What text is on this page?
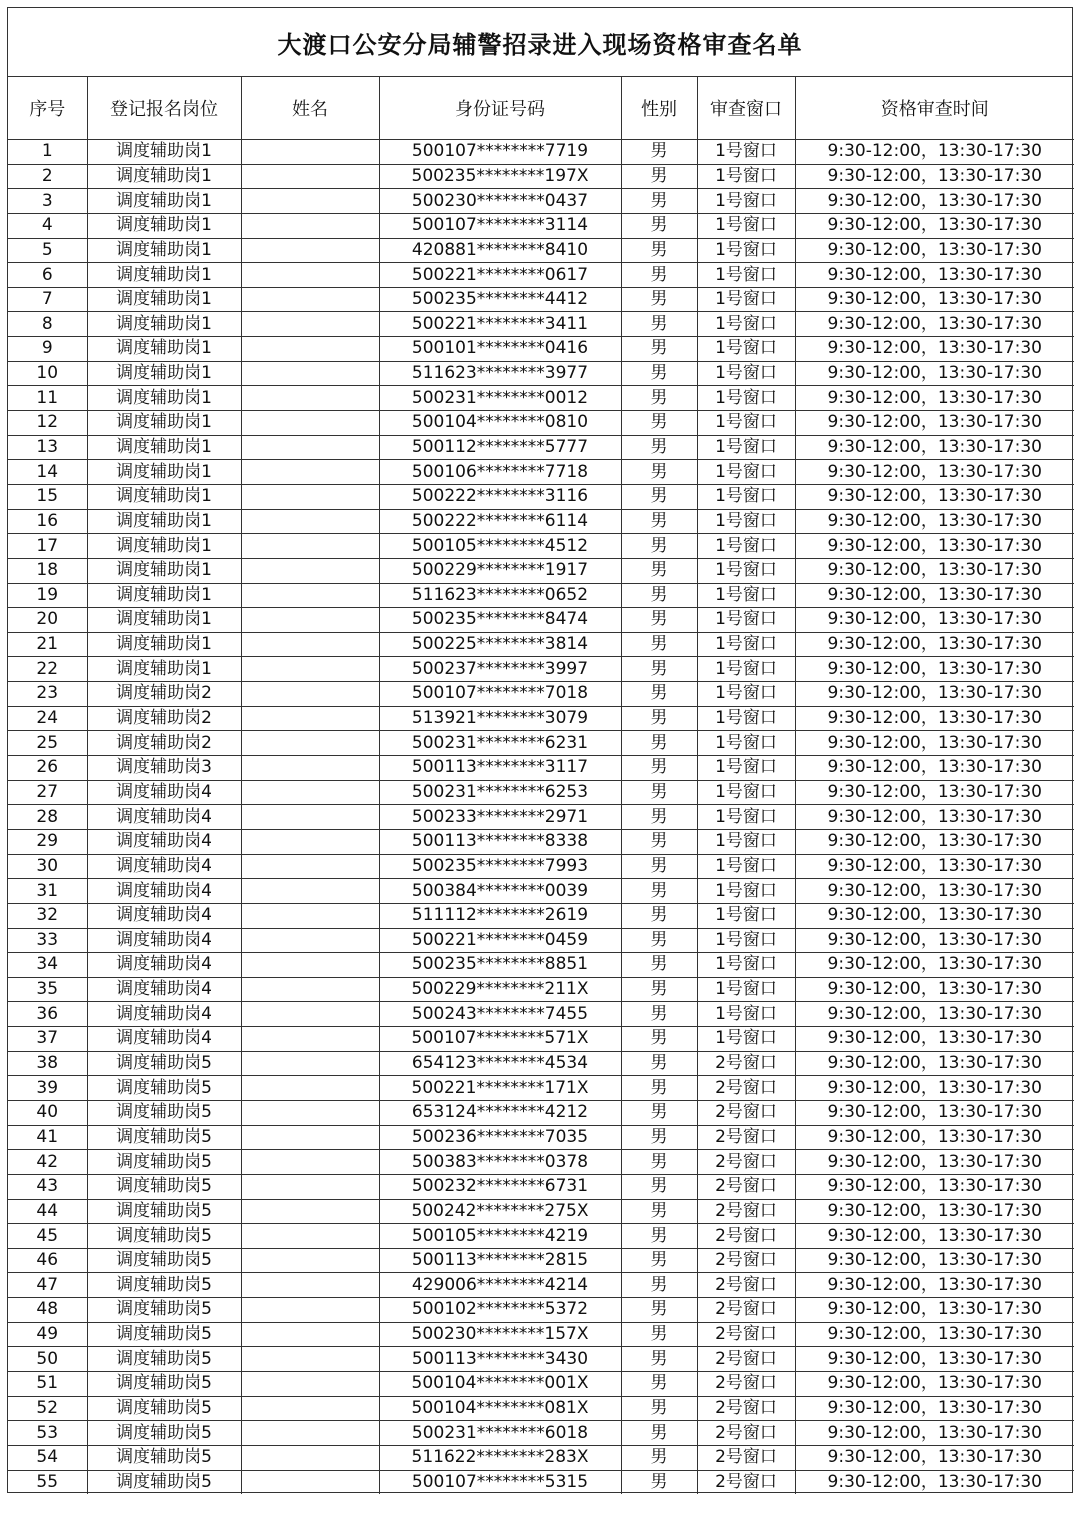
大渡口公安分局辅警招录进入现场资格审查名单
序号	登记报名岗位	姓名	身份证号码	性别	审查窗口	资格审查时间
1	调度辅助岗1		500107********7719	男	1号窗口	9:30-12:00，13:30-17:30
2	调度辅助岗1		500235********197X	男	1号窗口	9:30-12:00，13:30-17:30
3	调度辅助岗1		500230********0437	男	1号窗口	9:30-12:00，13:30-17:30
4	调度辅助岗1		500107********3114	男	1号窗口	9:30-12:00，13:30-17:30
5	调度辅助岗1		420881********8410	男	1号窗口	9:30-12:00，13:30-17:30
6	调度辅助岗1		500221********0617	男	1号窗口	9:30-12:00，13:30-17:30
7	调度辅助岗1		500235********4412	男	1号窗口	9:30-12:00，13:30-17:30
8	调度辅助岗1		500221********3411	男	1号窗口	9:30-12:00，13:30-17:30
9	调度辅助岗1		500101********0416	男	1号窗口	9:30-12:00，13:30-17:30
10	调度辅助岗1		511623********3977	男	1号窗口	9:30-12:00，13:30-17:30
11	调度辅助岗1		500231********0012	男	1号窗口	9:30-12:00，13:30-17:30
12	调度辅助岗1		500104********0810	男	1号窗口	9:30-12:00，13:30-17:30
13	调度辅助岗1		500112********5777	男	1号窗口	9:30-12:00，13:30-17:30
14	调度辅助岗1		500106********7718	男	1号窗口	9:30-12:00，13:30-17:30
15	调度辅助岗1		500222********3116	男	1号窗口	9:30-12:00，13:30-17:30
16	调度辅助岗1		500222********6114	男	1号窗口	9:30-12:00，13:30-17:30
17	调度辅助岗1		500105********4512	男	1号窗口	9:30-12:00，13:30-17:30
18	调度辅助岗1		500229********1917	男	1号窗口	9:30-12:00，13:30-17:30
19	调度辅助岗1		511623********0652	男	1号窗口	9:30-12:00，13:30-17:30
20	调度辅助岗1		500235********8474	男	1号窗口	9:30-12:00，13:30-17:30
21	调度辅助岗1		500225********3814	男	1号窗口	9:30-12:00，13:30-17:30
22	调度辅助岗1		500237********3997	男	1号窗口	9:30-12:00，13:30-17:30
23	调度辅助岗2		500107********7018	男	1号窗口	9:30-12:00，13:30-17:30
24	调度辅助岗2		513921********3079	男	1号窗口	9:30-12:00，13:30-17:30
25	调度辅助岗2		500231********6231	男	1号窗口	9:30-12:00，13:30-17:30
26	调度辅助岗3		500113********3117	男	1号窗口	9:30-12:00，13:30-17:30
27	调度辅助岗4		500231********6253	男	1号窗口	9:30-12:00，13:30-17:30
28	调度辅助岗4		500233********2971	男	1号窗口	9:30-12:00，13:30-17:30
29	调度辅助岗4		500113********8338	男	1号窗口	9:30-12:00，13:30-17:30
30	调度辅助岗4		500235********7993	男	1号窗口	9:30-12:00，13:30-17:30
31	调度辅助岗4		500384********0039	男	1号窗口	9:30-12:00，13:30-17:30
32	调度辅助岗4		511112********2619	男	1号窗口	9:30-12:00，13:30-17:30
33	调度辅助岗4		500221********0459	男	1号窗口	9:30-12:00，13:30-17:30
34	调度辅助岗4		500235********8851	男	1号窗口	9:30-12:00，13:30-17:30
35	调度辅助岗4		500229********211X	男	1号窗口	9:30-12:00，13:30-17:30
36	调度辅助岗4		500243********7455	男	1号窗口	9:30-12:00，13:30-17:30
37	调度辅助岗4		500107********571X	男	1号窗口	9:30-12:00，13:30-17:30
38	调度辅助岗5		654123********4534	男	2号窗口	9:30-12:00，13:30-17:30
39	调度辅助岗5		500221********171X	男	2号窗口	9:30-12:00，13:30-17:30
40	调度辅助岗5		653124********4212	男	2号窗口	9:30-12:00，13:30-17:30
41	调度辅助岗5		500236********7035	男	2号窗口	9:30-12:00，13:30-17:30
42	调度辅助岗5		500383********0378	男	2号窗口	9:30-12:00，13:30-17:30
43	调度辅助岗5		500232********6731	男	2号窗口	9:30-12:00，13:30-17:30
44	调度辅助岗5		500242********275X	男	2号窗口	9:30-12:00，13:30-17:30
45	调度辅助岗5		500105********4219	男	2号窗口	9:30-12:00，13:30-17:30
46	调度辅助岗5		500113********2815	男	2号窗口	9:30-12:00，13:30-17:30
47	调度辅助岗5		429006********4214	男	2号窗口	9:30-12:00，13:30-17:30
48	调度辅助岗5		500102********5372	男	2号窗口	9:30-12:00，13:30-17:30
49	调度辅助岗5		500230********157X	男	2号窗口	9:30-12:00，13:30-17:30
50	调度辅助岗5		500113********3430	男	2号窗口	9:30-12:00，13:30-17:30
51	调度辅助岗5		500104********001X	男	2号窗口	9:30-12:00，13:30-17:30
52	调度辅助岗5		500104********081X	男	2号窗口	9:30-12:00，13:30-17:30
53	调度辅助岗5		500231********6018	男	2号窗口	9:30-12:00，13:30-17:30
54	调度辅助岗5		511622********283X	男	2号窗口	9:30-12:00，13:30-17:30
55	调度辅助岗5		500107********5315	男	2号窗口	9:30-12:00，13:30-17:30
